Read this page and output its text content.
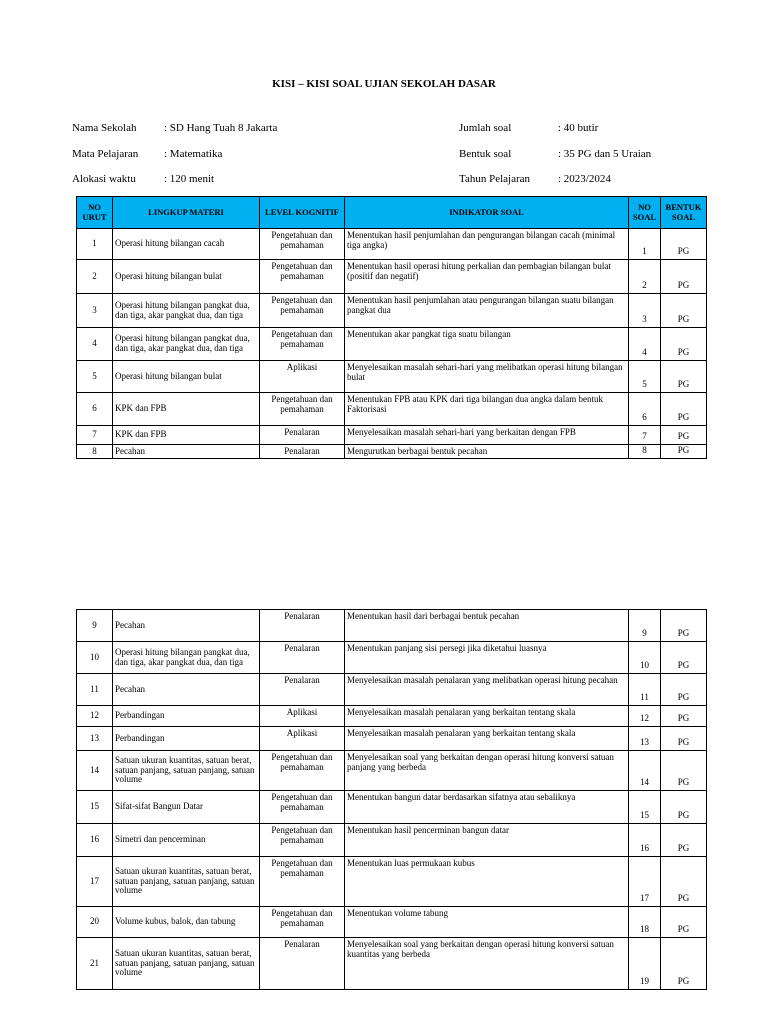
KISI – KISI SOAL UJIAN SEKOLAH DASAR
Nama Sekolah	: SD Hang Tuah 8 Jakarta
Mata Pelajaran : Matematika
Alokasi waktu	: 120 menit
Jumlah soal	: 40 butir
Bentuk soal	: 35 PG dan 5 Uraian
Tahun Pelajaran	: 2023/2024
NO URUT	LINGKUP MATERI	LEVEL KOGNITIF	INDIKATOR SOAL	NO SOAL	BENTUK SOAL
1	Operasi hitung bilangan cacah	Pengetahuan dan pemahaman	Menentukan hasil penjumlahan dan pengurangan bilangan cacah (minimal tiga angka)	1	PG
2	Operasi hitung bilangan bulat	Pengetahuan dan pemahaman	Menentukan hasil operasi hitung perkalian dan pembagian bilangan bulat (positif dan negatif)	2	PG
3	Operasi hitung bilangan pangkat dua, dan tiga, akar pangkat dua, dan tiga	Pengetahuan dan pemahaman	Menentukan hasil penjumlahan atau pengurangan bilangan suatu bilangan pangkat dua	3	PG
4	Operasi hitung bilangan pangkat dua, dan tiga, akar pangkat dua, dan tiga	Pengetahuan dan pemahaman	Menentukan akar pangkat tiga suatu bilangan	4	PG
5	Operasi hitung bilangan bulat	Aplikasi	Menyelesaikan masalah sehari-hari yang melibatkan operasi hitung bilangan bulat	5	PG
6	KPK dan FPB	Pengetahuan dan pemahaman	Menentukan FPB atau KPK dari tiga bilangan dua angka dalam bentuk Faktorisasi	6	PG
7	KPK dan FPB	Penalaran	Menyelesaikan masalah sehari-hari yang berkaitan dengan FPB	7	PG
8	Pecahan	Penalaran	Mengurutkan berbagai bentuk pecahan	8	PG
9	Pecahan	Penalaran	Menentukan hasil dari berbagai bentuk pecahan	9	PG
10	Operasi hitung bilangan pangkat dua, dan tiga, akar pangkat dua, dan tiga	Penalaran	Menentukan panjang sisi persegi jika diketahui luasnya	10	PG
11	Pecahan	Penalaran	Menyelesaikan masalah penalaran yang melibatkan operasi hitung pecahan	11	PG
12	Perbandingan	Aplikasi	Menyelesaikan masalah penalaran yang berkaitan tentang skala	12	PG
13	Perbandingan	Aplikasi	Menyelesaikan masalah penalaran yang berkaitan tentang skala	13	PG
14	Satuan ukuran kuantitas, satuan berat, satuan panjang, satuan panjang, satuan volume	Pengetahuan dan pemahaman	Menyelesaikan soal yang berkaitan dengan operasi hitung konversi satuan panjang yang berbeda	14	PG
15	Sifat-sifat Bangun Datar	Pengetahuan dan pemahaman	Menentukan bangun datar berdasarkan sifatnya atau sebaliknya	15	PG
16	Simetri dan pencerminan	Pengetahuan dan pemahaman	Menentukan hasil pencerminan bangun datar	16	PG
17	Satuan ukuran kuantitas, satuan berat, satuan panjang, satuan panjang, satuan volume	Pengetahuan dan pemahaman	Menentukan luas permukaan kubus	17	PG
20	Volume kubus, balok, dan tabung	Pengetahuan dan pemahaman	Menentukan volume tabung	18	PG
21	Satuan ukuran kuantitas, satuan berat, satuan panjang, satuan panjang, satuan volume	Penalaran	Menyelesaikan soal yang berkaitan dengan operasi hitung konversi satuan kuantitas yang berbeda	19	PG
